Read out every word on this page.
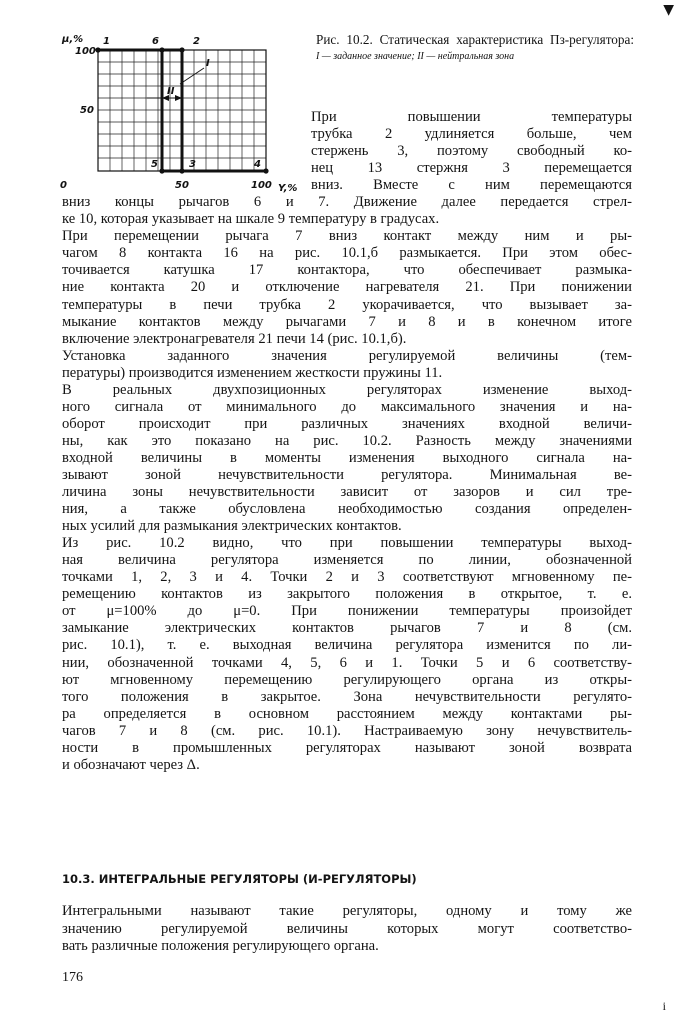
▼
1	6	2
5	3	4
I
II
μ,%
Y,%
0
50
100
50	100
Рис. 10.2. Статическая характеристика Пз-регулятора:
I — заданное значение; II — нейтральная зона
При повышении температуры
трубка 2 удлиняется больше, чем
стержень 3, поэтому свободный ко-
нец 13 стержня 3 перемещается
вниз. Вместе с ним перемещаются
вниз концы рычагов 6 и 7. Движение далее передается стрел-
ке 10, которая указывает на шкале 9 температуру в градусах.
При перемещении рычага 7 вниз контакт между ним и ры-
чагом 8 контакта 16 на рис. 10.1,б размыкается. При этом обес-
точивается катушка 17 контактора, что обеспечивает размыка-
ние контакта 20 и отключение нагревателя 21. При понижении
температуры в печи трубка 2 укорачивается, что вызывает за-
мыкание контактов между рычагами 7 и 8 и в конечном итоге
включение электронагревателя 21 печи 14 (рис. 10.1,б).
Установка заданного значения регулируемой величины (тем-
пературы) производится изменением жесткости пружины 11.
В реальных двухпозиционных регуляторах изменение выход-
ного сигнала от минимального до максимального значения и на-
оборот происходит при различных значениях входной величи-
ны, как это показано на рис. 10.2. Разность между значениями
входной величины в моменты изменения выходного сигнала на-
зывают зоной нечувствительности регулятора. Минимальная ве-
личина зоны нечувствительности зависит от зазоров и сил тре-
ния, а также обусловлена необходимостью создания определен-
ных усилий для размыкания электрических контактов.
Из рис. 10.2 видно, что при повышении температуры выход-
ная величина регулятора изменяется по линии, обозначенной
точками 1, 2, 3 и 4. Точки 2 и 3 соответствуют мгновенному пе-
ремещению контактов из закрытого положения в открытое, т. е.
от μ=100% до μ=0. При понижении температуры произойдет
замыкание электрических контактов рычагов 7 и 8 (см.
рис. 10.1), т. е. выходная величина регулятора изменится по ли-
нии, обозначенной точками 4, 5, 6 и 1. Точки 5 и 6 соответству-
ют мгновенному перемещению регулирующего органа из откры-
того положения в закрытое. Зона нечувствительности регулято-
ра определяется в основном расстоянием между контактами ры-
чагов 7 и 8 (см. рис. 10.1). Настраиваемую зону нечувствитель-
ности в промышленных регуляторах называют зоной возврата
и обозначают через Δ.
10.3. ИНТЕГРАЛЬНЫЕ РЕГУЛЯТОРЫ (И-РЕГУЛЯТОРЫ)
Интегральными называют такие регуляторы, одному и тому же
значению регулируемой величины которых могут соответство-
вать различные положения регулирующего органа.
176
i
